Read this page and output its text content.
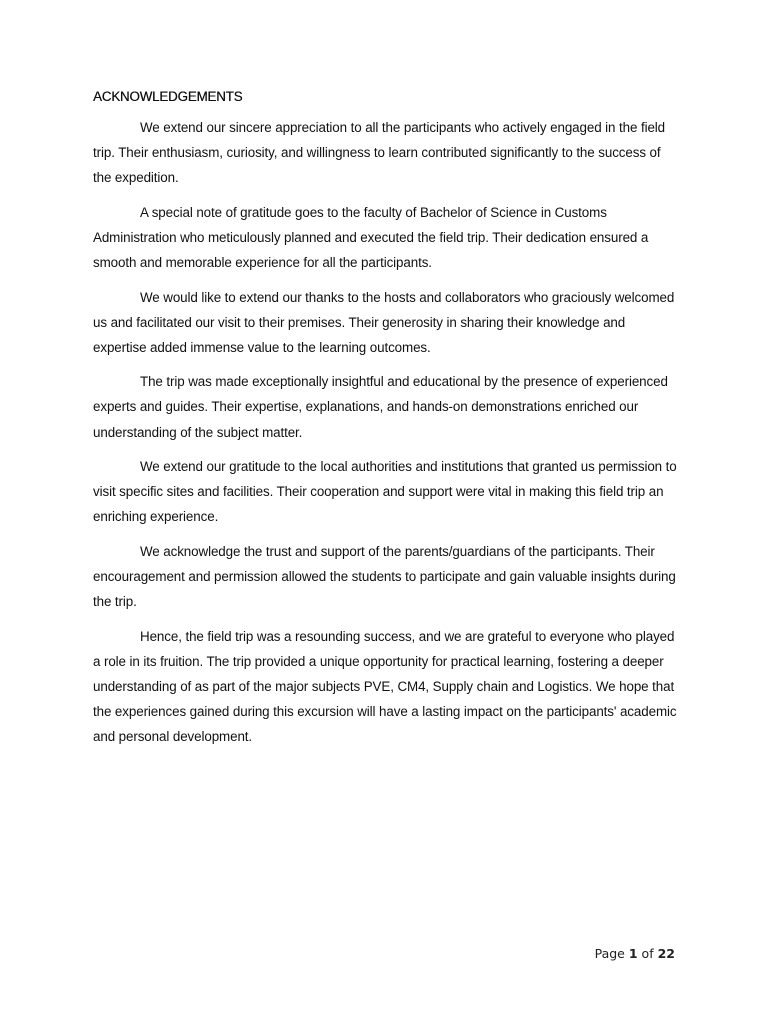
ACKNOWLEDGEMENTS

We extend our sincere appreciation to all the participants who actively engaged in the field trip. Their enthusiasm, curiosity, and willingness to learn contributed significantly to the success of the expedition.

A special note of gratitude goes to the faculty of Bachelor of Science in Customs Administration who meticulously planned and executed the field trip. Their dedication ensured a smooth and memorable experience for all the participants.

We would like to extend our thanks to the hosts and collaborators who graciously welcomed us and facilitated our visit to their premises. Their generosity in sharing their knowledge and expertise added immense value to the learning outcomes.

The trip was made exceptionally insightful and educational by the presence of experienced experts and guides. Their expertise, explanations, and hands-on demonstrations enriched our understanding of the subject matter.

We extend our gratitude to the local authorities and institutions that granted us permission to visit specific sites and facilities. Their cooperation and support were vital in making this field trip an enriching experience.

We acknowledge the trust and support of the parents/guardians of the participants. Their encouragement and permission allowed the students to participate and gain valuable insights during the trip.

Hence, the field trip was a resounding success, and we are grateful to everyone who played a role in its fruition. The trip provided a unique opportunity for practical learning, fostering a deeper understanding of as part of the major subjects PVE, CM4, Supply chain and Logistics. We hope that the experiences gained during this excursion will have a lasting impact on the participants' academic and personal development.

Page 1 of 22
